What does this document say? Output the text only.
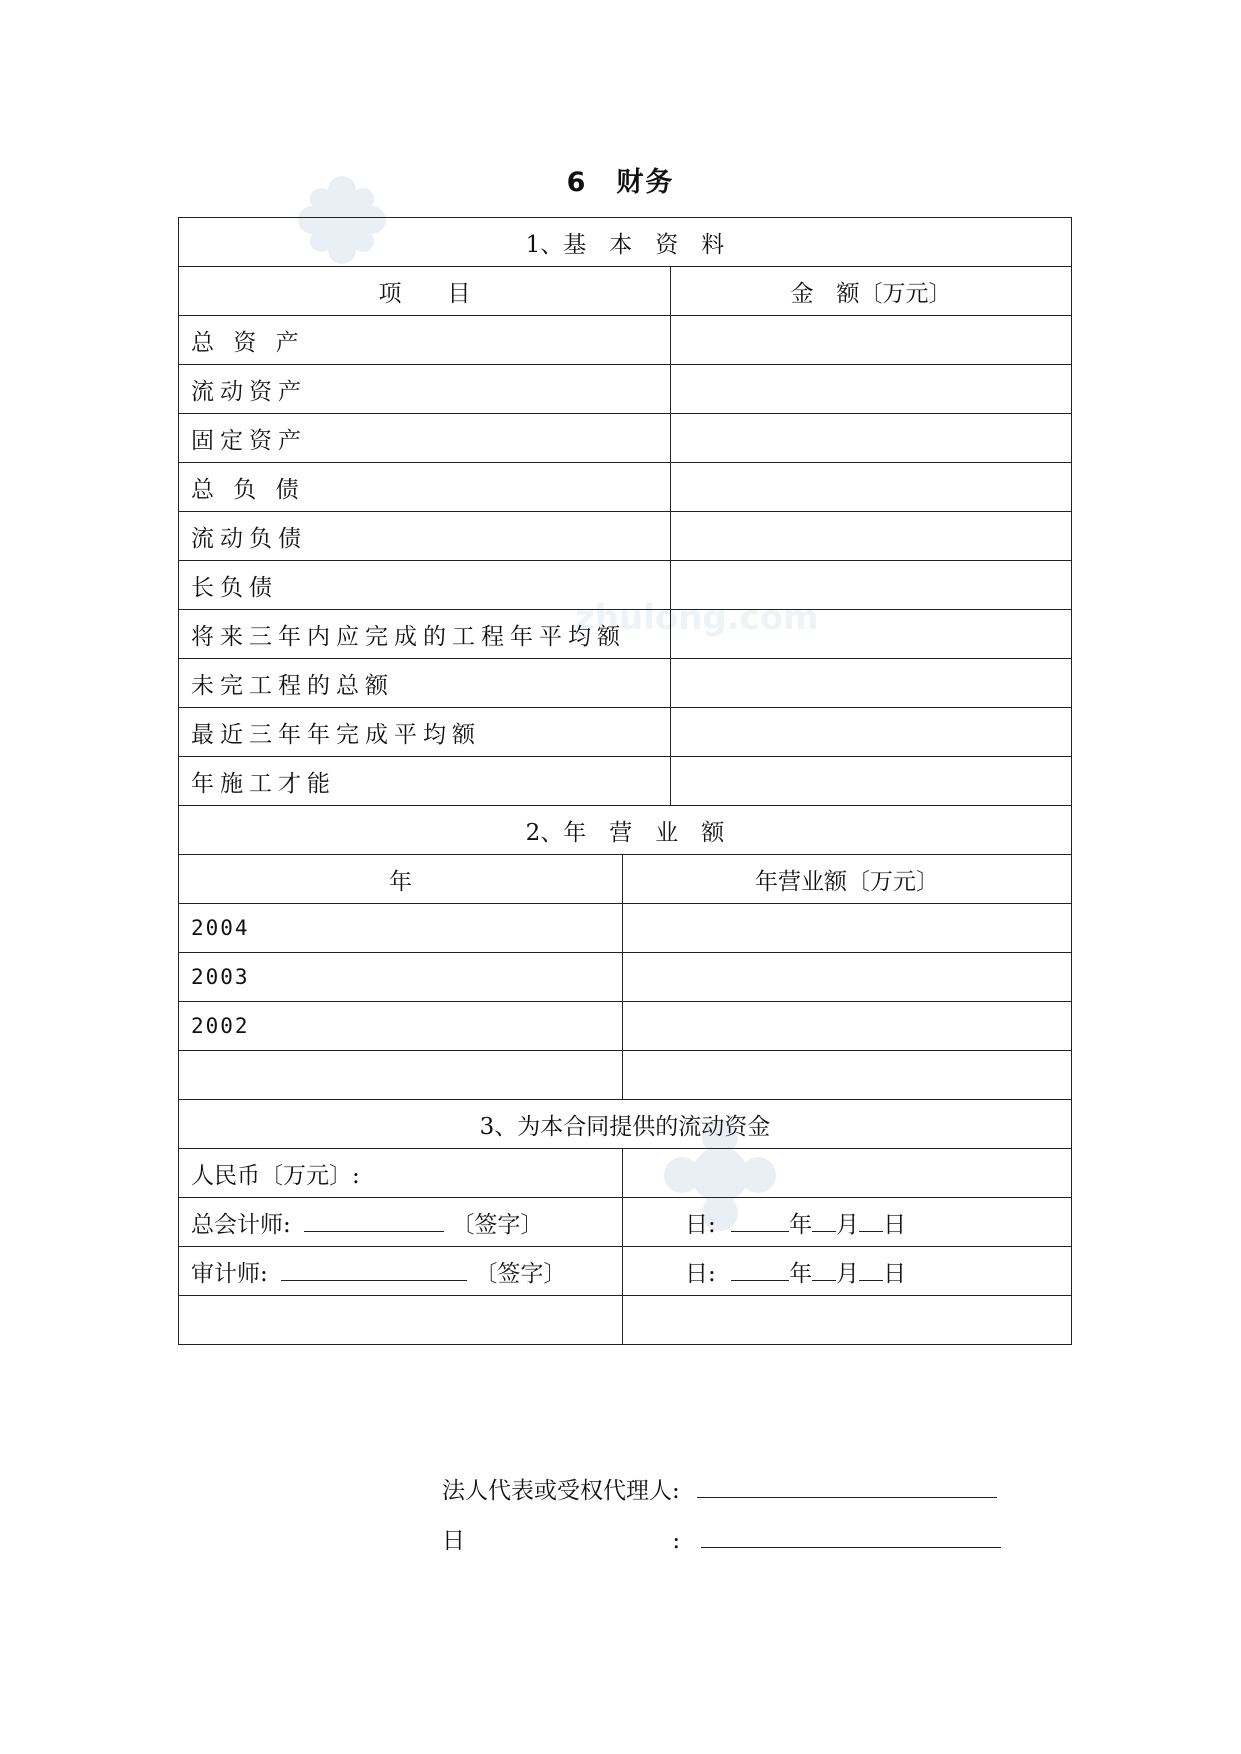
zhulong.com
6　财务
1、基　本　资　料		
项　　目		金　额〔万元〕
总 资 产		
流动资产		
固定资产		
总 负 债		
流动负债		
长负债		
将来三年内应完成的工程年平均额		
未完工程的总额		
最近三年年完成平均额		
年施工才能		
2、年　营　业　额		
年	年营业额〔万元〕	
2004		
2003		
2002		

3、为本合同提供的流动资金		
人民币〔万元〕:		
总会计师: 〔签字〕	日: 年 月 日	
审计师: 〔签字〕	日: 年 月 日	

法人代表或受权代理人:
日	:
